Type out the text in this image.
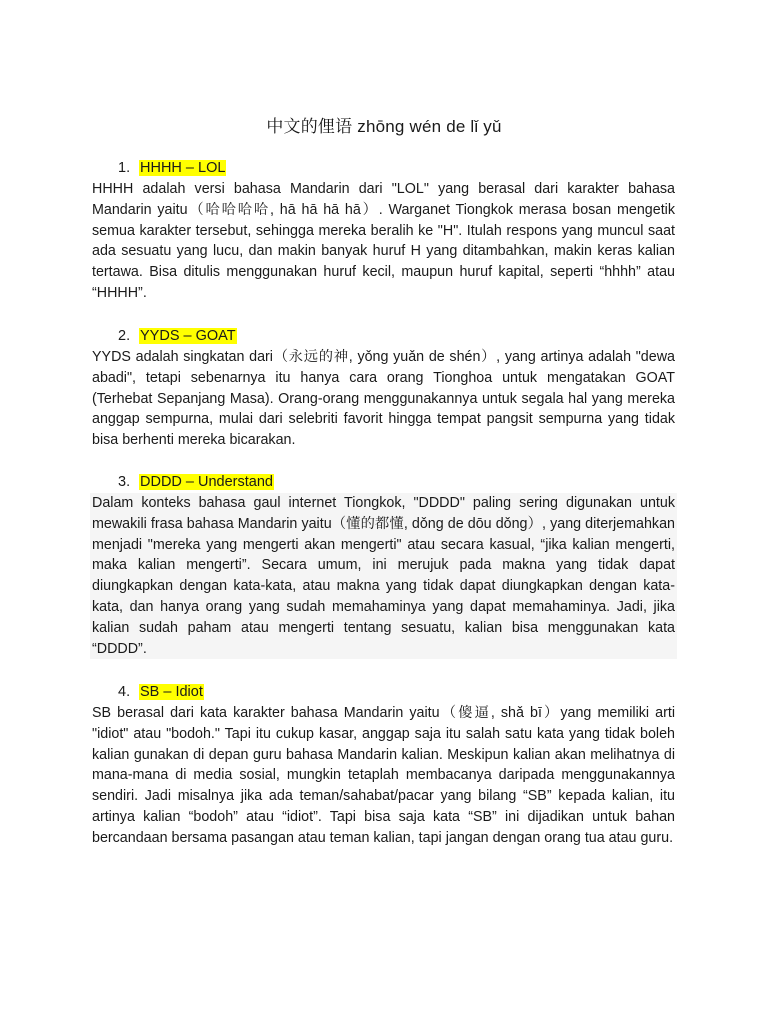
中文的俚语 zhōng wén de lǐ yǔ
1. HHHH – LOL
HHHH adalah versi bahasa Mandarin dari "LOL" yang berasal dari karakter bahasa Mandarin yaitu（哈哈哈哈, hā hā hā hā）. Warganet Tiongkok merasa bosan mengetik semua karakter tersebut, sehingga mereka beralih ke "H". Itulah respons yang muncul saat ada sesuatu yang lucu, dan makin banyak huruf H yang ditambahkan, makin keras kalian tertawa. Bisa ditulis menggunakan huruf kecil, maupun huruf kapital, seperti “hhhh” atau “HHHH”.
2. YYDS – GOAT
YYDS adalah singkatan dari（永远的神, yǒng yuǎn de shén）, yang artinya adalah "dewa abadi", tetapi sebenarnya itu hanya cara orang Tionghoa untuk mengatakan GOAT (Terhebat Sepanjang Masa). Orang-orang menggunakannya untuk segala hal yang mereka anggap sempurna, mulai dari selebriti favorit hingga tempat pangsit sempurna yang tidak bisa berhenti mereka bicarakan.
3. DDDD – Understand
Dalam konteks bahasa gaul internet Tiongkok, "DDDD" paling sering digunakan untuk mewakili frasa bahasa Mandarin yaitu（懂的都懂, dǒng de dōu dǒng）, yang diterjemahkan menjadi "mereka yang mengerti akan mengerti" atau secara kasual, “jika kalian mengerti, maka kalian mengerti”. Secara umum, ini merujuk pada makna yang tidak dapat diungkapkan dengan kata-kata, atau makna yang tidak dapat diungkapkan dengan kata-kata, dan hanya orang yang sudah memahaminya yang dapat memahaminya. Jadi, jika kalian sudah paham atau mengerti tentang sesuatu, kalian bisa menggunakan kata “DDDD”.
4. SB – Idiot
SB berasal dari kata karakter bahasa Mandarin yaitu（傻逼, shǎ bī）yang memiliki arti "idiot" atau "bodoh." Tapi itu cukup kasar, anggap saja itu salah satu kata yang tidak boleh kalian gunakan di depan guru bahasa Mandarin kalian. Meskipun kalian akan melihatnya di mana-mana di media sosial, mungkin tetaplah membacanya daripada menggunakannya sendiri. Jadi misalnya jika ada teman/sahabat/pacar yang bilang “SB” kepada kalian, itu artinya kalian “bodoh” atau “idiot”. Tapi bisa saja kata “SB” ini dijadikan untuk bahan bercandaan bersama pasangan atau teman kalian, tapi jangan dengan orang tua atau guru.
